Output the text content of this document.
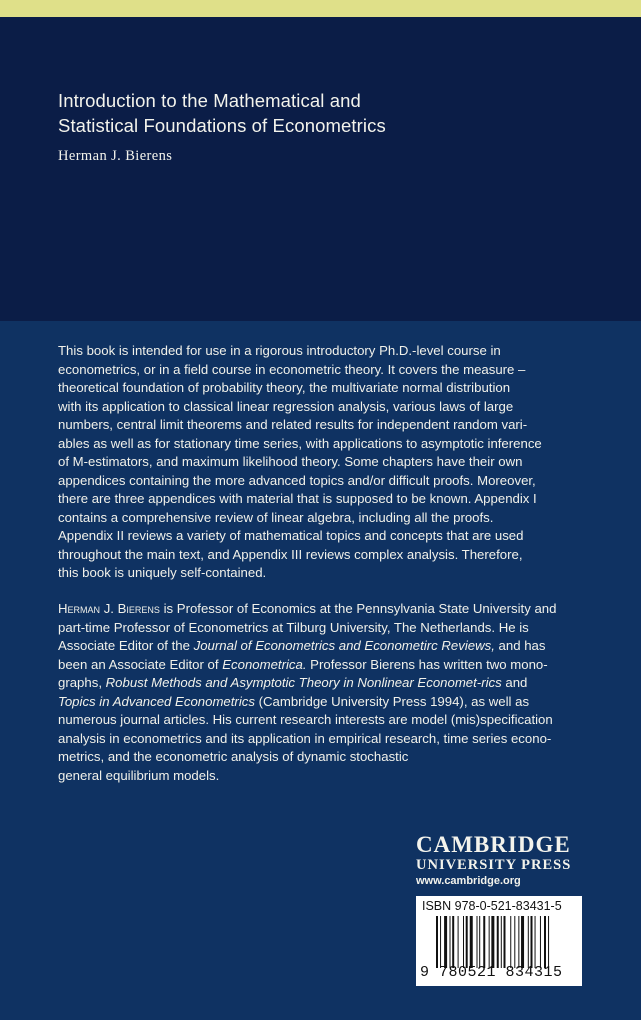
Introduction to the Mathematical and
Statistical Foundations of Econometrics

Herman J. Bierens

This book is intended for use in a rigorous introductory Ph.D.-level course in
econometrics, or in a field course in econometric theory. It covers the measure –
theoretical foundation of probability theory, the multivariate normal distribution
with its application to classical linear regression analysis, various laws of large
numbers, central limit theorems and related results for independent random vari-
ables as well as for stationary time series, with applications to asymptotic inference
of M-estimators, and maximum likelihood theory. Some chapters have their own
appendices containing the more advanced topics and/or difficult proofs. Moreover,
there are three appendices with material that is supposed to be known. Appendix I
contains a comprehensive review of linear algebra, including all the proofs.
Appendix II reviews a variety of mathematical topics and concepts that are used
throughout the main text, and Appendix III reviews complex analysis. Therefore,
this book is uniquely self-contained.
Herman J. Bierens is Professor of Economics at the Pennsylvania State University and
part-time Professor of Econometrics at Tilburg University, The Netherlands. He is
Associate Editor of the Journal of Econometrics and Econometirc Reviews, and has
been an Associate Editor of Econometrica. Professor Bierens has written two mono-
graphs, Robust Methods and Asymptotic Theory in Nonlinear Economet-rics and
Topics in Advanced Econometrics (Cambridge University Press 1994), as well as
numerous journal articles. His current research interests are model (mis)specification
analysis in econometrics and its application in empirical research, time series econo-
metrics, and the econometric analysis of dynamic stochastic
general equilibrium models.

CAMBRIDGE

UNIVERSITY PRESS

www.cambridge.org

ISBN 978-0-521-83431-5
9 780521 834315
